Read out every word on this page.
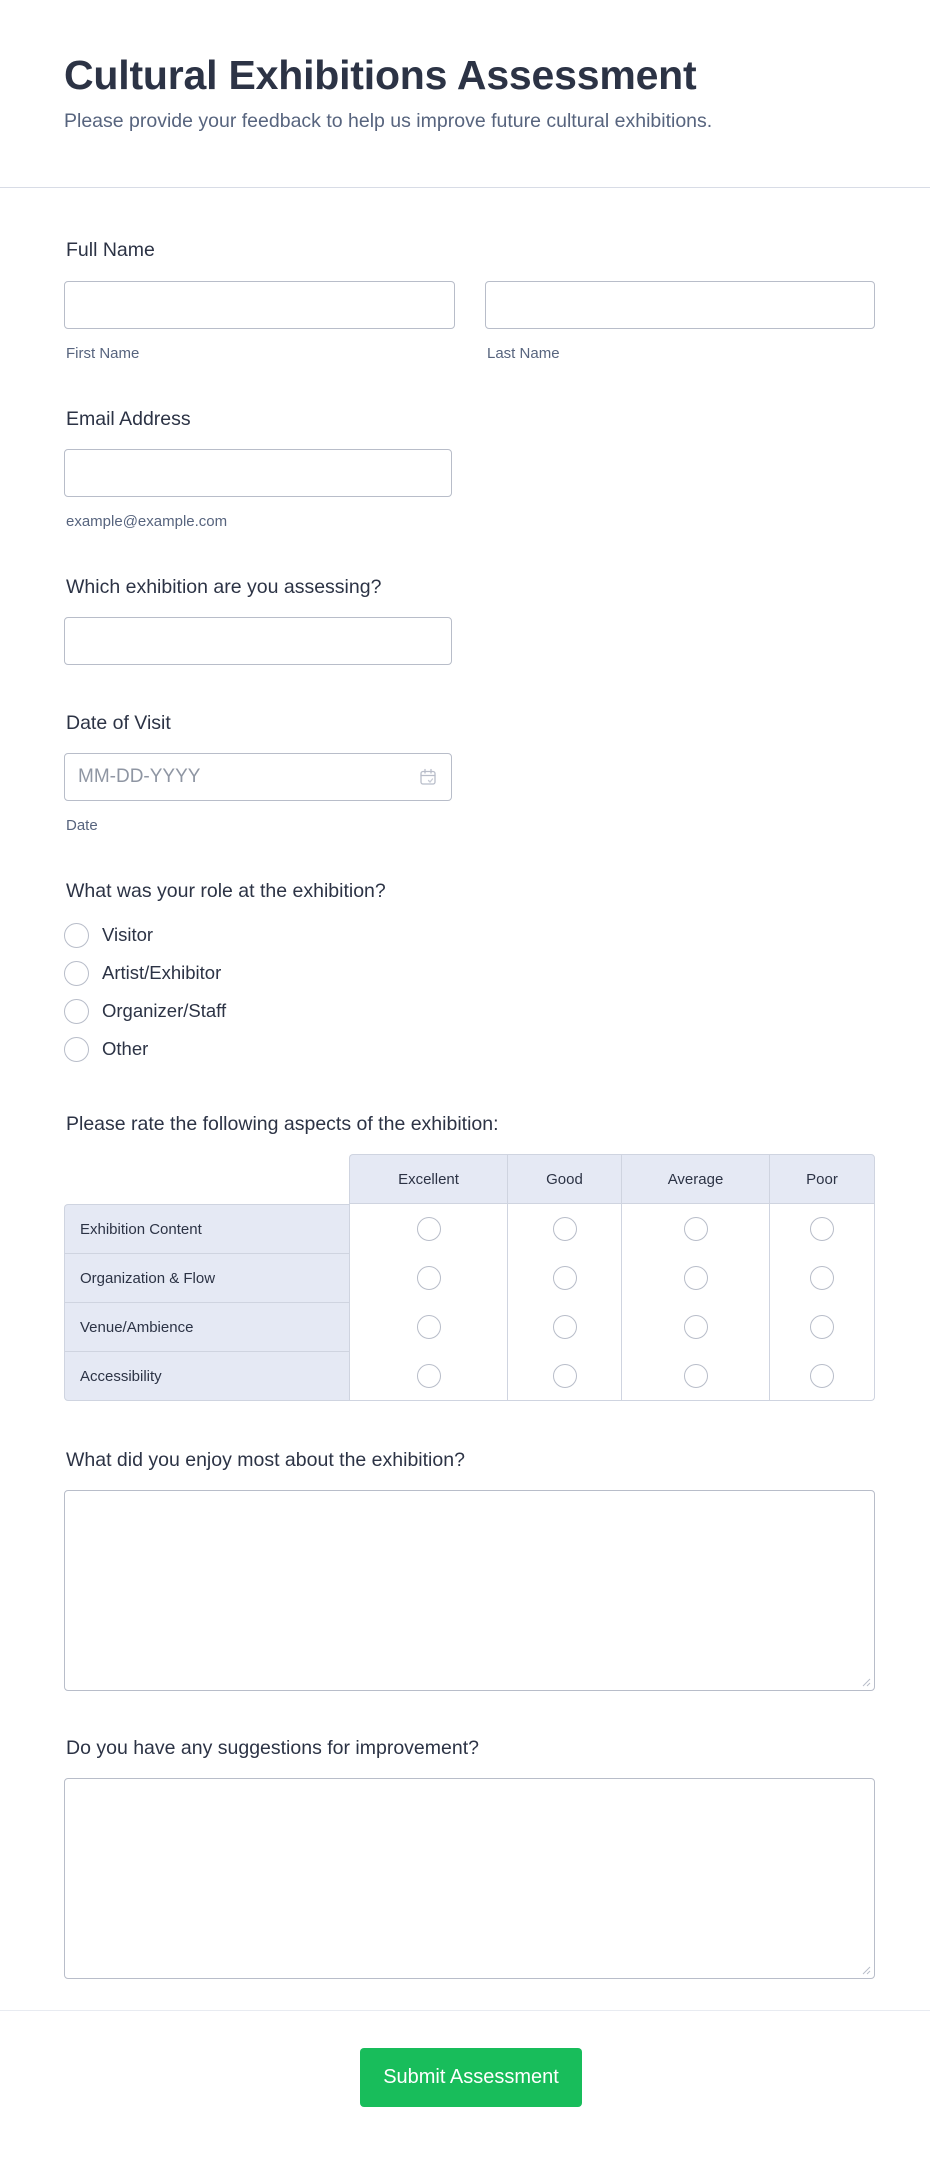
Cultural Exhibitions Assessment

Please provide your feedback to help us improve future cultural exhibitions.

Full Name
First Name	Last Name
Email Address
example@example.com
Which exhibition are you assessing?
Date of Visit
MM-DD-YYYY
Date
What was your role at the exhibition?
Visitor
Artist/Exhibitor
Organizer/Staff
Other
Please rate the following aspects of the exhibition:
Excellent	Good	Average	Poor
Exhibition Content
Organization & Flow
Venue/Ambience
Accessibility
What did you enjoy most about the exhibition?
Do you have any suggestions for improvement?
Submit Assessment
